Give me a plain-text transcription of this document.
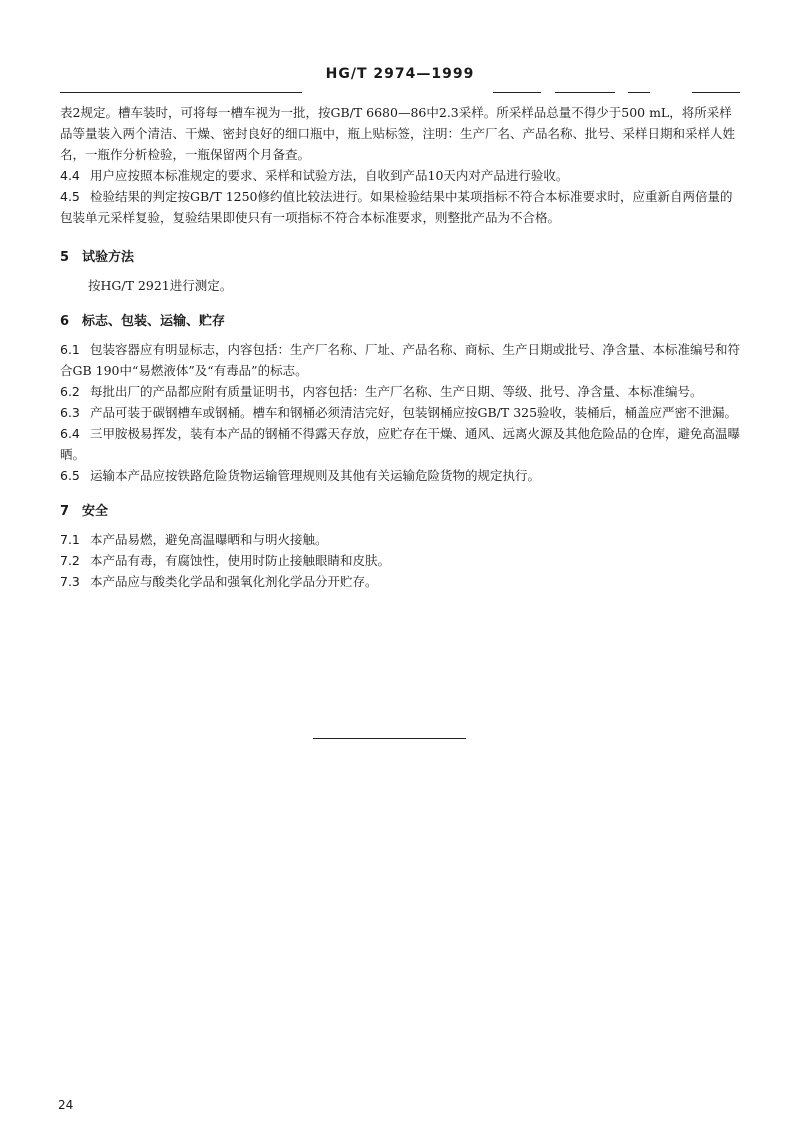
HG/T 2974—1999

表2规定。槽车装时，可将每一槽车视为一批，按GB/T 6680—86中2.3采样。所采样品总量不得少于500 mL，将所采样品等量装入两个清洁、干燥、密封良好的细口瓶中，瓶上贴标签，注明：生产厂名、产品名称、批号、采样日期和采样人姓名，一瓶作分析检验，一瓶保留两个月备查。

4.4 用户应按照本标准规定的要求、采样和试验方法，自收到产品10天内对产品进行验收。

4.5 检验结果的判定按GB/T 1250修约值比较法进行。如果检验结果中某项指标不符合本标准要求时，应重新自两倍量的包装单元采样复验，复验结果即使只有一项指标不符合本标准要求，则整批产品为不合格。

5 试验方法

按HG/T 2921进行测定。

6 标志、包装、运输、贮存

6.1 包装容器应有明显标志，内容包括：生产厂名称、厂址、产品名称、商标、生产日期或批号、净含量、本标准编号和符合GB 190中“易燃液体”及“有毒品”的标志。

6.2 每批出厂的产品都应附有质量证明书，内容包括：生产厂名称、生产日期、等级、批号、净含量、本标准编号。

6.3 产品可装于碳钢槽车或钢桶。槽车和钢桶必须清洁完好，包装钢桶应按GB/T 325验收，装桶后，桶盖应严密不泄漏。

6.4 三甲胺极易挥发，装有本产品的钢桶不得露天存放，应贮存在干燥、通风、远离火源及其他危险品的仓库，避免高温曝晒。

6.5 运输本产品应按铁路危险货物运输管理规则及其他有关运输危险货物的规定执行。

7 安全

7.1 本产品易燃，避免高温曝晒和与明火接触。

7.2 本产品有毒，有腐蚀性，使用时防止接触眼睛和皮肤。

7.3 本产品应与酸类化学品和强氧化剂化学品分开贮存。

24
